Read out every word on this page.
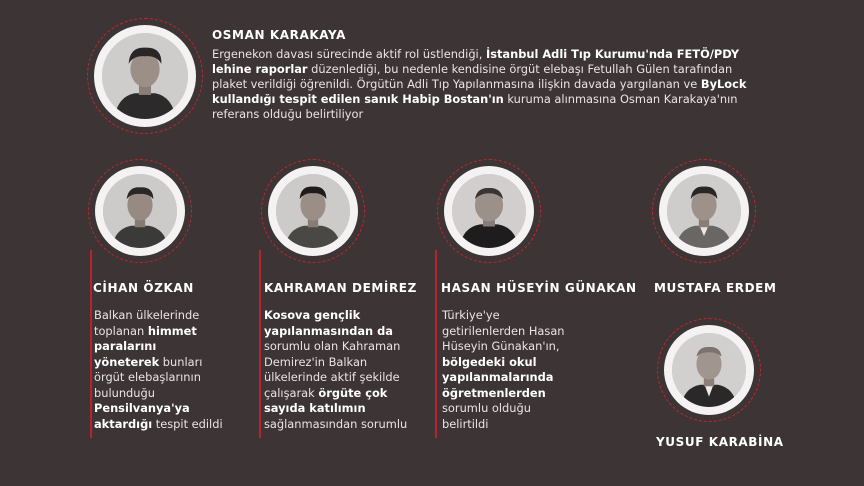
OSMAN KARAKAYA
Ergenekon davası sürecinde aktif rol üstlendiği, İstanbul Adli Tıp Kurumu'nda FETÖ/PDY lehine raporlar düzenlediği, bu nedenle kendisine örgüt elebaşı Fetullah Gülen tarafından plaket verildiği öğrenildi. Örgütün Adli Tıp Yapılanmasına ilişkin davada yargılanan ve ByLock kullandığı tespit edilen sanık Habip Bostan'ın kuruma alınmasına Osman Karakaya'nın referans olduğu belirtiliyor
CİHAN ÖZKAN
Balkan ülkelerinde toplanan himmet paralarını yöneterek bunları örgüt elebaşlarının bulunduğu Pensilvanya'ya aktardığı tespit edildi
KAHRAMAN DEMİREZ
Kosova gençlik yapılanmasından da sorumlu olan Kahraman Demirez'in Balkan ülkelerinde aktif şekilde çalışarak örgüte çok sayıda katılımın sağlanmasından sorumlu
HASAN HÜSEYİN GÜNAKAN
Türkiye'ye getirilenlerden Hasan Hüseyin Günakan'ın, bölgedeki okul yapılanmalarında öğretmenlerden sorumlu olduğu belirtildi
MUSTAFA ERDEM
YUSUF KARABİNA
